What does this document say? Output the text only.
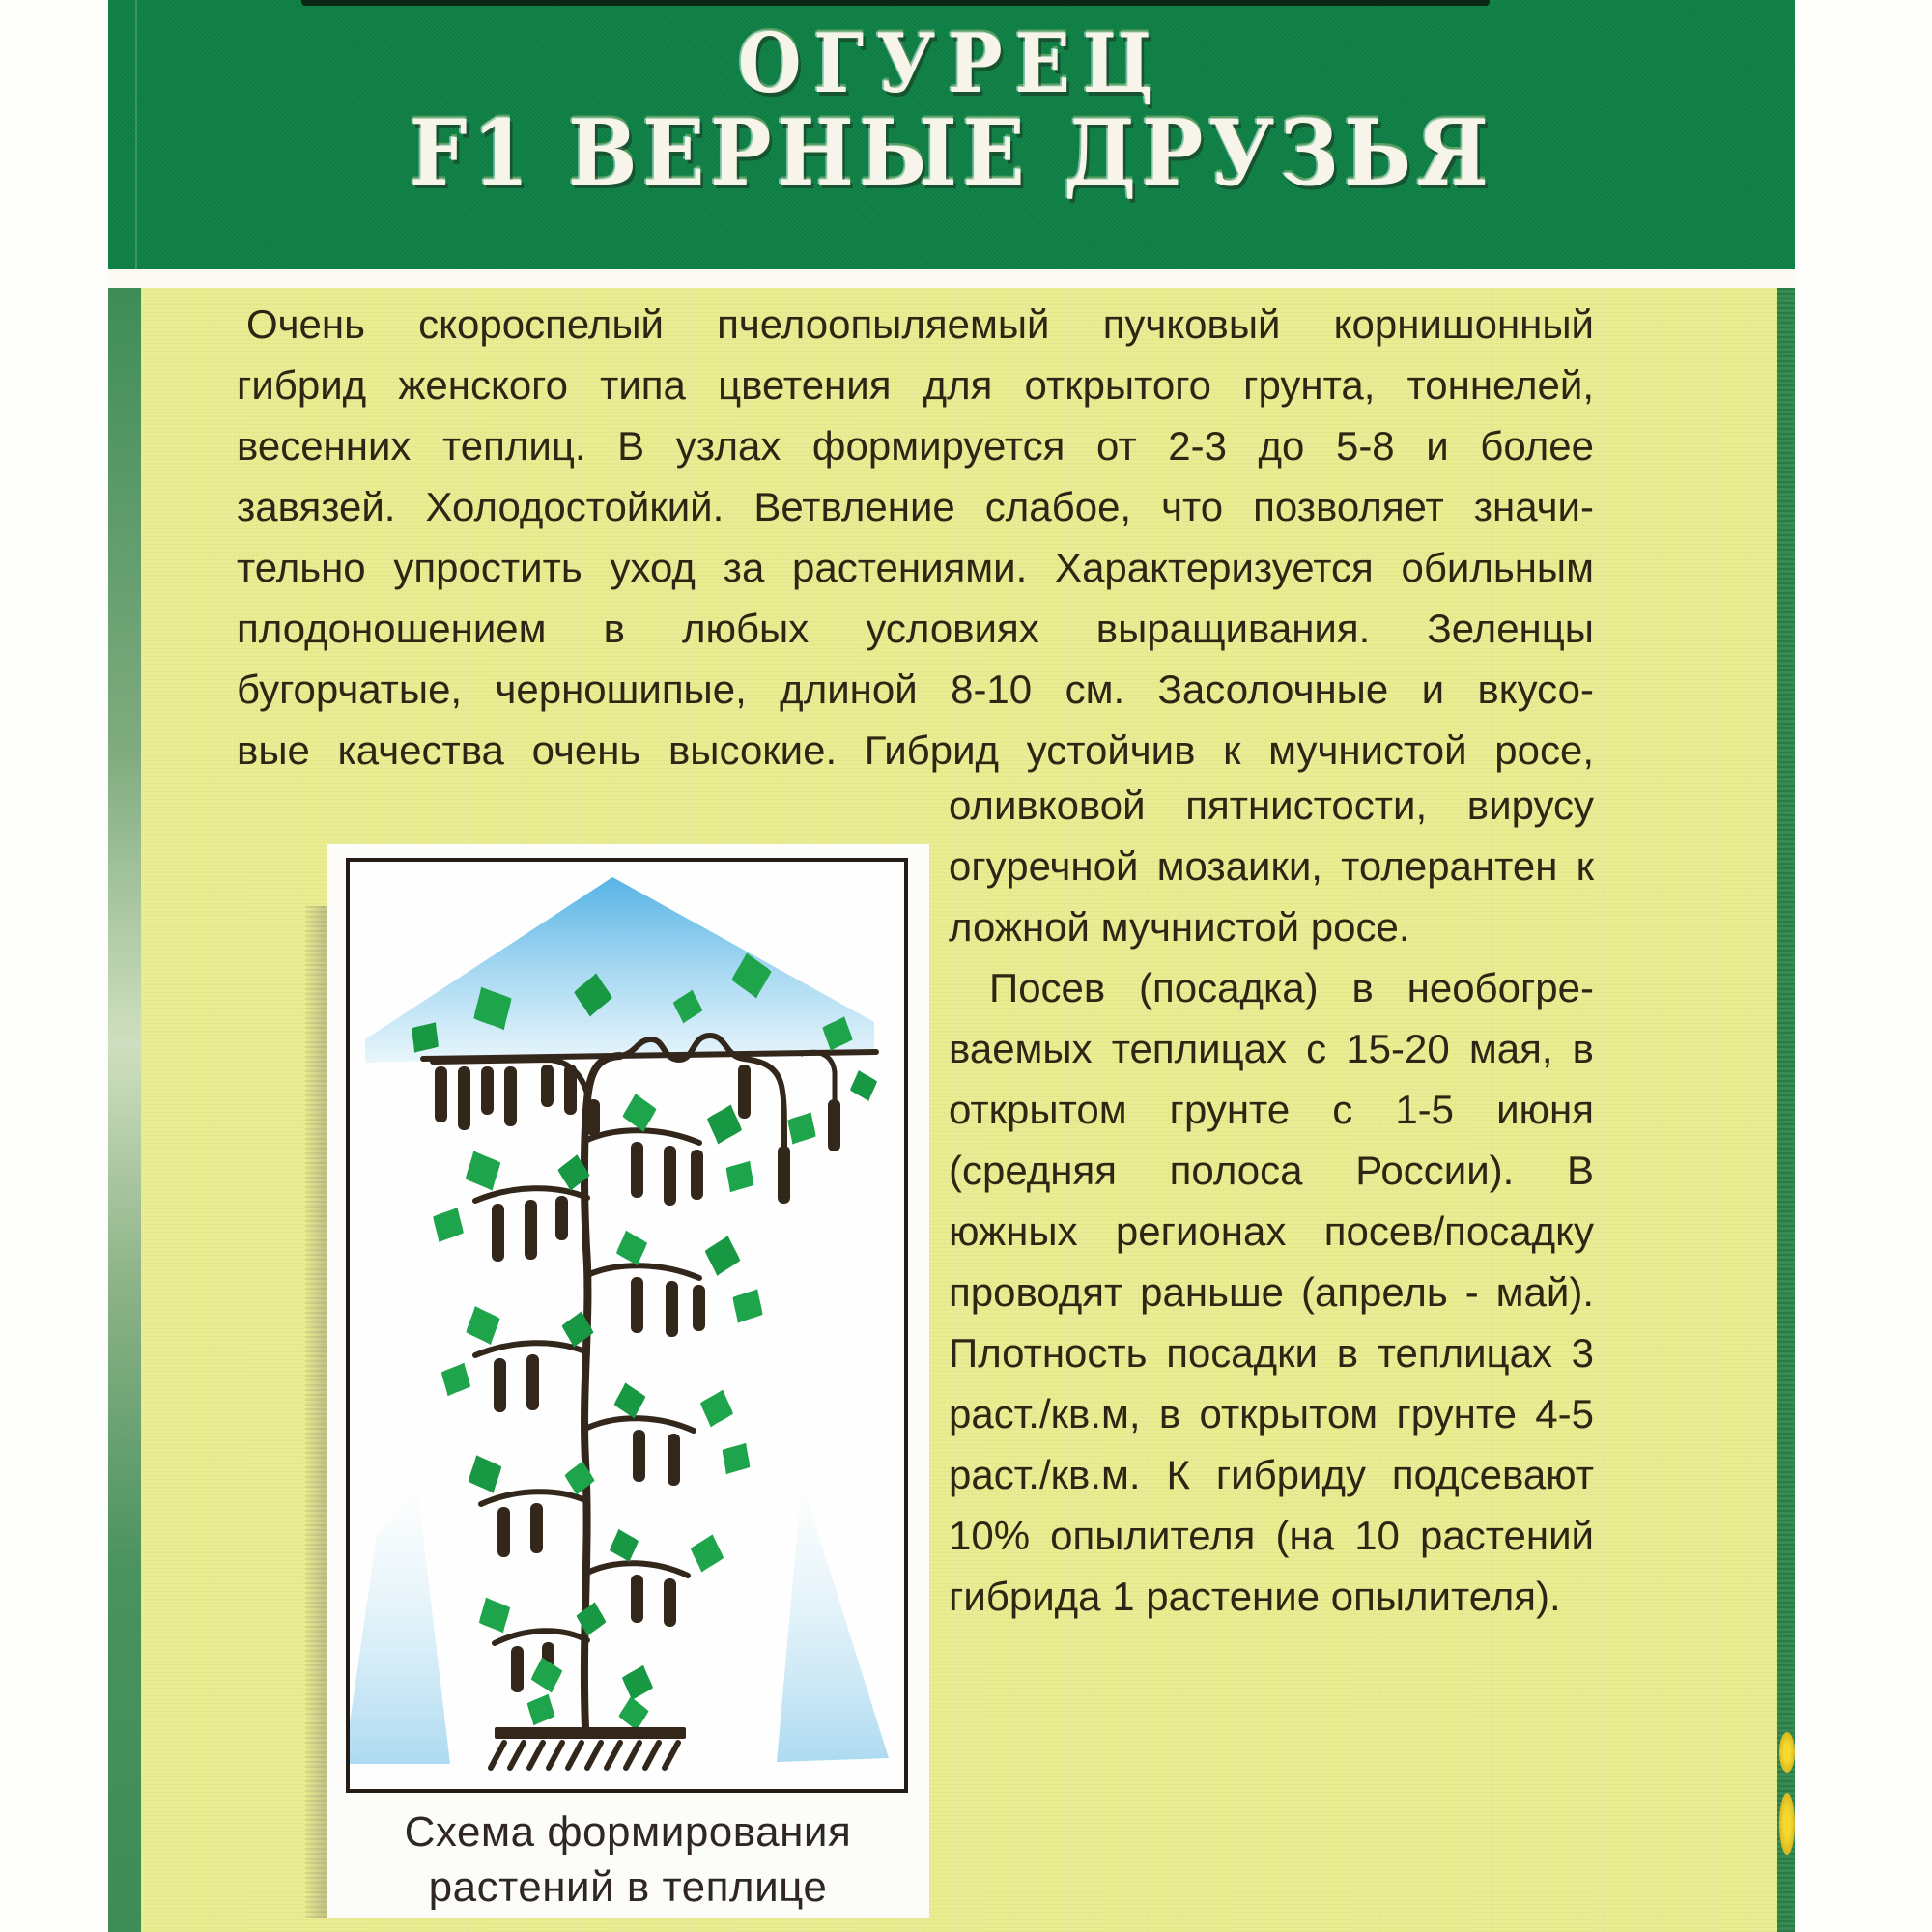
ОГУРЕЦ
F1 ВЕРНЫЕ ДРУЗЬЯ
Очень скороспелый пчелоопыляемый пучковый корнишонный
гибрид женского типа цветения для открытого грунта, тоннелей,
весенних теплиц. В узлах формируется от 2-3 до 5-8 и более
завязей. Холодостойкий. Ветвление слабое, что позволяет значи-
тельно упростить уход за растениями. Характеризуется обильным
плодоношением в любых условиях выращивания. Зеленцы
бугорчатые, черношипые, длиной 8-10 см. Засолочные и вкусо-
вые качества очень высокие. Гибрид устойчив к мучнистой росе,
оливковой пятнистости, вирусу
огуречной мозаики, толерантен к
ложной мучнистой росе.
Посев (посадка) в необогре-
ваемых теплицах с 15-20 мая, в
открытом грунте с 1-5 июня
(средняя полоса России). В
южных регионах посев/посадку
проводят раньше (апрель - май).
Плотность посадки в теплицах 3
раст./кв.м, в открытом грунте 4-5
раст./кв.м. К гибриду подсевают
10% опылителя (на 10 растений
гибрида 1 растение опылителя).
Схема формирования
растений в теплице
